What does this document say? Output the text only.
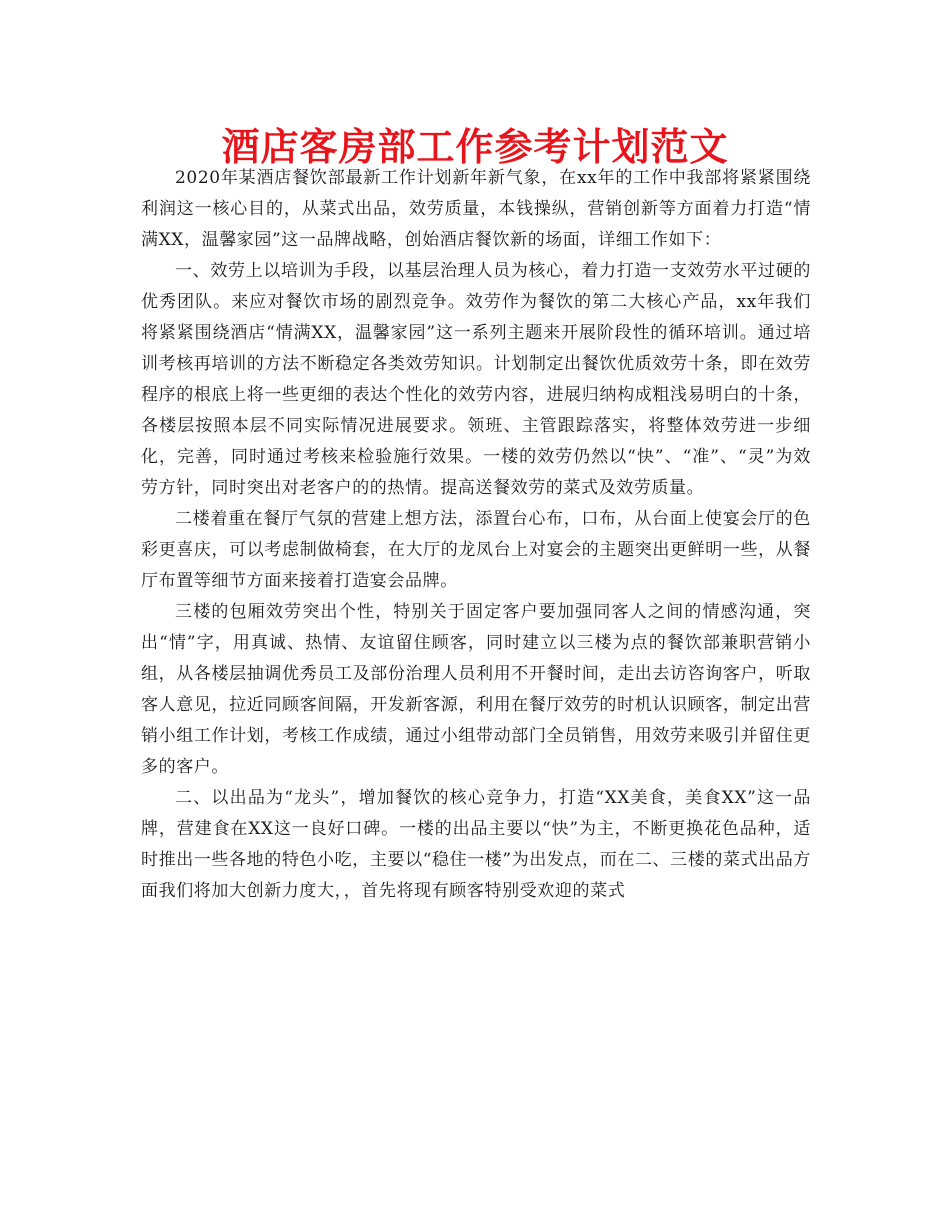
酒店客房部工作参考计划范文

2020年某酒店餐饮部最新工作计划新年新气象，在xx年的工作中我部将紧紧围绕利润这一核心目的，从菜式出品，效劳质量，本钱操纵，营销创新等方面着力打造“情满XX，温馨家园”这一品牌战略，创始酒店餐饮新的场面，详细工作如下：

一、效劳上以培训为手段，以基层治理人员为核心，着力打造一支效劳水平过硬的优秀团队。来应对餐饮市场的剧烈竞争。效劳作为餐饮的第二大核心产品，xx年我们将紧紧围绕酒店“情满XX，温馨家园”这一系列主题来开展阶段性的循环培训。通过培训考核再培训的方法不断稳定各类效劳知识。计划制定出餐饮优质效劳十条，即在效劳程序的根底上将一些更细的表达个性化的效劳内容，进展归纳构成粗浅易明白的十条，各楼层按照本层不同实际情况进展要求。领班、主管跟踪落实，将整体效劳进一步细化，完善，同时通过考核来检验施行效果。一楼的效劳仍然以“快”、“准”、“灵”为效劳方针，同时突出对老客户的的热情。提高送餐效劳的菜式及效劳质量。

二楼着重在餐厅气氛的营建上想方法，添置台心布，口布，从台面上使宴会厅的色彩更喜庆，可以考虑制做椅套，在大厅的龙凤台上对宴会的主题突出更鲜明一些，从餐厅布置等细节方面来接着打造宴会品牌。

三楼的包厢效劳突出个性，特别关于固定客户要加强同客人之间的情感沟通，突出“情”字，用真诚、热情、友谊留住顾客，同时建立以三楼为点的餐饮部兼职营销小组，从各楼层抽调优秀员工及部份治理人员利用不开餐时间，走出去访咨询客户，听取客人意见，拉近同顾客间隔，开发新客源，利用在餐厅效劳的时机认识顾客，制定出营销小组工作计划，考核工作成绩，通过小组带动部门全员销售，用效劳来吸引并留住更多的客户。

二、以出品为“龙头”，增加餐饮的核心竞争力，打造“XX美食，美食XX”这一品牌，营建食在XX这一良好口碑。一楼的出品主要以“快”为主，不断更换花色品种，适时推出一些各地的特色小吃，主要以“稳住一楼”为出发点，而在二、三楼的菜式出品方面我们将加大创新力度大，，首先将现有顾客特别受欢迎的菜式
